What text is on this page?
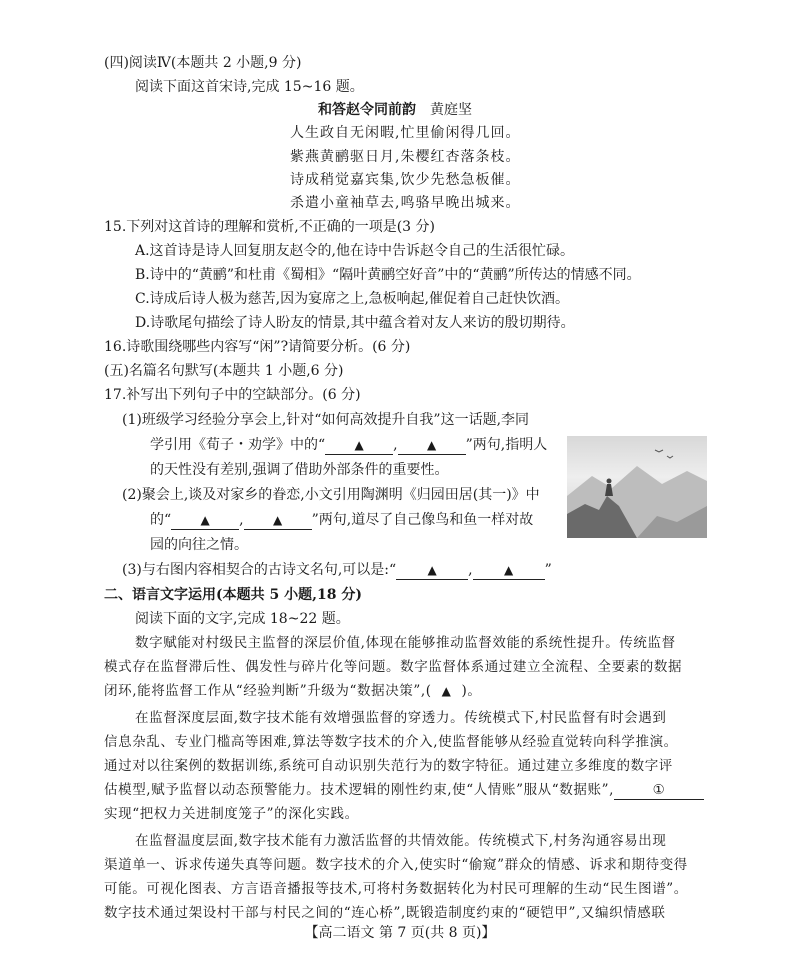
(四)阅读Ⅳ(本题共 2 小题,9 分)
阅读下面这首宋诗,完成 15~16 题。
和答赵令同前韵 黄庭坚
人生政自无闲暇,忙里偷闲得几回。
紫燕黄鹂驱日月,朱樱红杏落条枝。
诗成稍觉嘉宾集,饮少先愁急板催。
杀遣小童袖草去,鸣骆早晚出城来。
15.下列对这首诗的理解和赏析,不正确的一项是(3 分)
A.这首诗是诗人回复朋友赵令的,他在诗中告诉赵令自己的生活很忙碌。
B.诗中的“黄鹂”和杜甫《蜀相》“隔叶黄鹂空好音”中的“黄鹂”所传达的情感不同。
C.诗成后诗人极为慈苦,因为宴席之上,急板响起,催促着自己赶快饮酒。
D.诗歌尾句描绘了诗人盼友的情景,其中蕴含着对友人来访的殷切期待。
16.诗歌围绕哪些内容写“闲”?请简要分析。(6 分)
(五)名篇名句默写(本题共 1 小题,6 分)
17.补写出下列句子中的空缺部分。(6 分)
(1)班级学习经验分享会上,针对“如何高效提升自我”这一话题,李同
学引用《荀子・劝学》中的“ ▲ , ▲ ”两句,指明人
的天性没有差别,强调了借助外部条件的重要性。
(2)聚会上,谈及对家乡的眷恋,小文引用陶渊明《归园田居(其一)》中
的“ ▲ , ▲ ”两句,道尽了自己像鸟和鱼一样对故
园的向往之情。
(3)与右图内容相契合的古诗文名句,可以是:“	▲ ,	▲ ”
二、语言文字运用(本题共 5 小题,18 分)
阅读下面的文字,完成 18~22 题。
数字赋能对村级民主监督的深层价值,体现在能够推动监督效能的系统性提升。传统监督
模式存在监督滞后性、偶发性与碎片化等问题。数字监督体系通过建立全流程、全要素的数据
闭环,能将监督工作从“经验判断”升级为“数据决策”,( ▲ )。
在监督深度层面,数字技术能有效增强监督的穿透力。传统模式下,村民监督有时会遇到
信息杂乱、专业门槛高等困难,算法等数字技术的介入,使监督能够从经验直觉转向科学推演。
通过对以往案例的数据训练,系统可自动识别失范行为的数字特征。通过建立多维度的数字评
估模型,赋予监督以动态预警能力。技术逻辑的刚性约束,使“人情账”服从“数据账”,	①
实现“把权力关进制度笼子”的深化实践。
在监督温度层面,数字技术能有力激活监督的共情效能。传统模式下,村务沟通容易出现
渠道单一、诉求传递失真等问题。数字技术的介入,使实时“偷窥”群众的情感、诉求和期待变得
可能。可视化图表、方言语音播报等技术,可将村务数据转化为村民可理解的生动“民生图谱”。
数字技术通过架设村干部与村民之间的“连心桥”,既锻造制度约束的“硬铠甲”,又编织情感联
【高二语文 第 7 页(共 8 页)】
